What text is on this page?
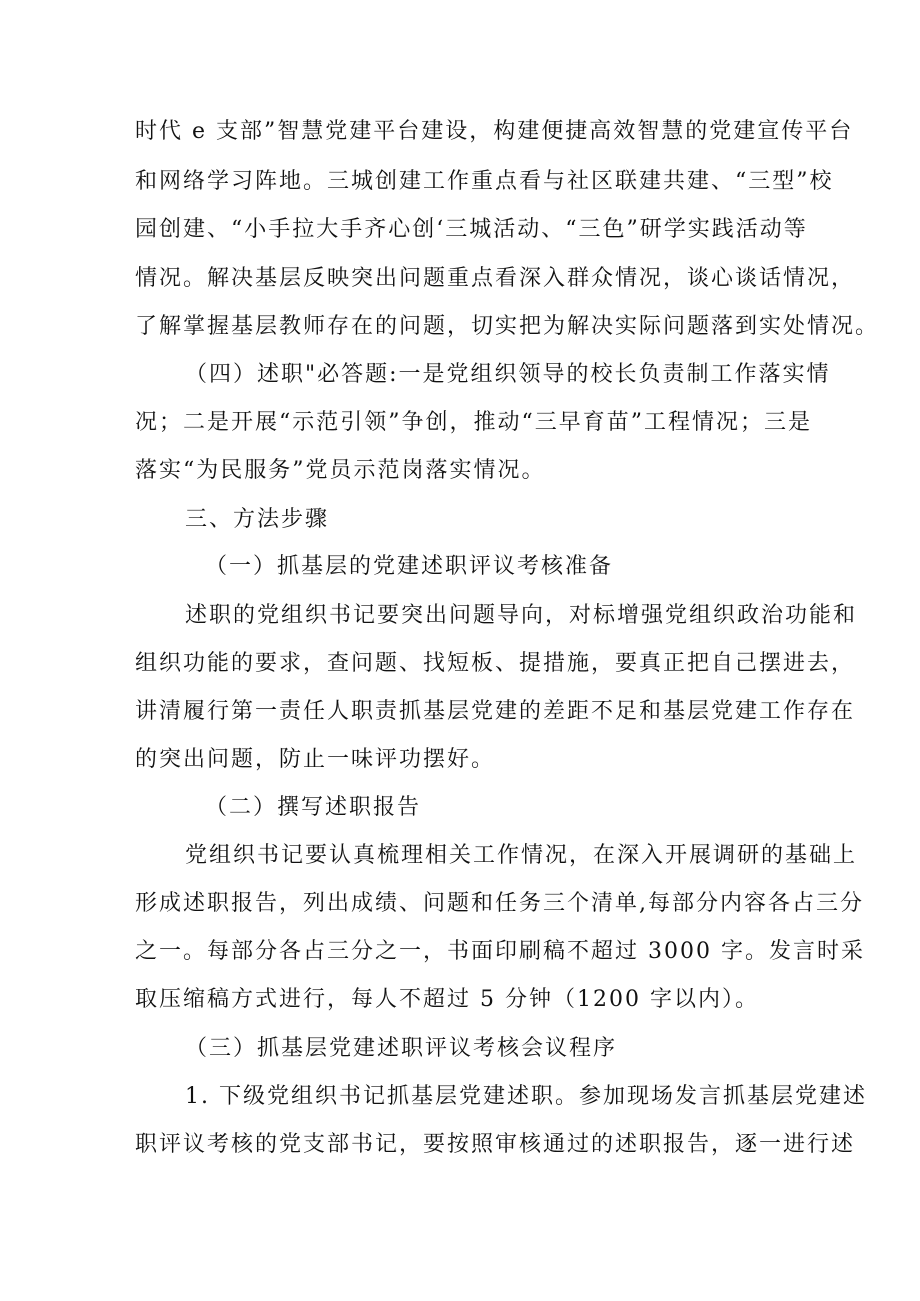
时代 e 支部”智慧党建平台建设，构建便捷高效智慧的党建宣传平台
和网络学习阵地。三城创建工作重点看与社区联建共建、“三型”校
园创建、“小手拉大手齐心创‘三城活动、“三色”研学实践活动等
情况。解决基层反映突出问题重点看深入群众情况，谈心谈话情况，
了解掌握基层教师存在的问题，切实把为解决实际问题落到实处情况。
（四）述职"必答题:一是党组织领导的校长负责制工作落实情
况；二是开展“示范引领”争创，推动“三早育苗”工程情况；三是
落实“为民服务”党员示范岗落实情况。
三、方法步骤
（一）抓基层的党建述职评议考核准备
述职的党组织书记要突出问题导向，对标增强党组织政治功能和
组织功能的要求，查问题、找短板、提措施，要真正把自己摆进去，
讲清履行第一责任人职责抓基层党建的差距不足和基层党建工作存在
的突出问题，防止一味评功摆好。
（二）撰写述职报告
党组织书记要认真梳理相关工作情况，在深入开展调研的基础上
形成述职报告，列出成绩、问题和任务三个清单,每部分内容各占三分
之一。每部分各占三分之一，书面印刷稿不超过 3000 字。发言时采
取压缩稿方式进行，每人不超过 5 分钟（1200 字以内）。
（三）抓基层党建述职评议考核会议程序
1. 下级党组织书记抓基层党建述职。参加现场发言抓基层党建述
职评议考核的党支部书记，要按照审核通过的述职报告，逐一进行述
